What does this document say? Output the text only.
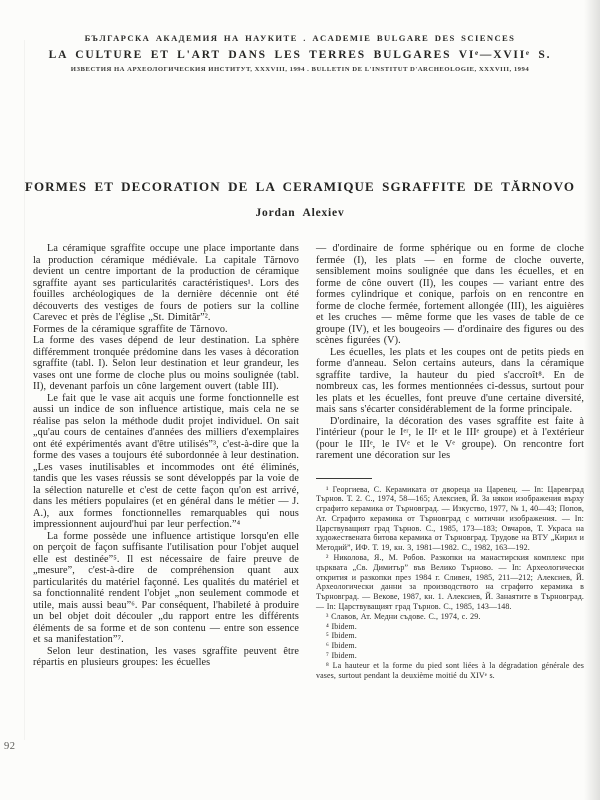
БЪЛГАРСКА АКАДЕМИЯ НА НАУКИТЕ . ACADEMIE BULGARE DES SCIENCES
LA CULTURE ET L'ART DANS LES TERRES BULGARES VIᵉ—XVIIᵉ S.
ИЗВЕСТИЯ НА АРХЕОЛОГИЧЕСКИЯ ИНСТИТУТ, XXXVIII, 1994 . BULLETIN DE L'INSTITUT D'ARCHEOLOGIE, XXXVIII, 1994
FORMES ET DECORATION DE LA CERAMIQUE SGRAFFITE DE TĂRNOVO
Jordan Alexiev

La céramique sgraffite occupe une place importante dans la production céramique médiévale. La capitale Tărnovo devient un centre important de la production de céramique sgraffite ayant ses particularités caractéristiques¹. Lors des fouilles archéologiques de la dernière décennie ont été découverts des vestiges de fours de potiers sur la colline Carevec et près de l'église „St. Dimităr”².

Formes de la céramique sgraffite de Tărnovo.

La forme des vases dépend de leur destination. La sphère différemment tronquée prédomine dans les vases à décoration sgraffite (tabl. I). Selon leur destination et leur grandeur, les vases ont une forme de cloche plus ou moins soulignée (tabl. II), devenant parfois un cône largement ouvert (table III).

Le fait que le vase ait acquis une forme fonctionnelle est aussi un indice de son influence artistique, mais cela ne se réalise pas selon la méthode dudit projet individuel. On sait „qu'au cours de centaines d'années des milliers d'exemplaires ont été expérimentés avant d'être utilisés”³, c'est-à-dire que la forme des vases a toujours été subordonnée à leur destination. „Les vases inutilisables et incommodes ont été éliminés, tandis que les vases réussis se sont développés par la voie de la sélection naturelle et c'est de cette façon qu'on est arrivé, dans les métiers populaires (et en général dans le métier — J. A.), aux formes fonctionnelles remarquables qui nous impressionnent aujourd'hui par leur perfection.”⁴

La forme possède une influence artistique lorsqu'en elle on perçoit de façon suffisante l'utilisation pour l'objet auquel elle est destinée”⁵. Il est nécessaire de faire preuve de „mesure”, c'est-à-dire de compréhension quant aux particularités du matériel façonné. Les qualités du matériel et sa fonctionnalité rendent l'objet „non seulement commode et utile, mais aussi beau”⁶. Par conséquent, l'habileté à produire un bel objet doit découler „du rapport entre les différents éléments de sa forme et de son contenu — entre son essence et sa manifestation”⁷.

Selon leur destination, les vases sgraffite peuvent être répartis en plusieurs groupes: les écuelles

— d'ordinaire de forme sphérique ou en forme de cloche fermée (I), les plats — en forme de cloche ouverte, sensiblement moins soulignée que dans les écuelles, et en forme de cône ouvert (II), les coupes — variant entre des formes cylindrique et conique, parfois on en rencontre en forme de cloche fermée, fortement allongée (III), les aiguières et les cruches — même forme que les vases de table de ce groupe (IV), et les bougeoirs — d'ordinaire des figures ou des scènes figurées (V).

Les écuelles, les plats et les coupes ont de petits pieds en forme d'anneau. Selon certains auteurs, dans la céramique sgraffite tardive, la hauteur du pied s'accroît⁸. En de nombreux cas, les formes mentionnées ci-dessus, surtout pour les plats et les écuelles, font preuve d'une certaine diversité, mais sans s'écarter considérablement de la forme principale.

D'ordinaire, la décoration des vases sgraffite est faite à l'intérieur (pour le Iᵉʳ, le IIᵉ et le IIIᵉ groupe) et à l'extérieur (pour le IIIᵉ, le IVᵉ et le Vᵉ groupe). On rencontre fort rarement une décoration sur les

¹ Георгиева, С. Керамиката от двореца на Царевец. — In: Царевград Търнов. Т. 2. С., 1974, 58—165; Алексиев, Й. За някои изображения върху сграфито керамика от Търновград. — Изкуство, 1977, № 1, 40—43; Попов, Ат. Сграфито керамика от Търновград с митични изображения. — In: Царствуващият град Търнов. С., 1985, 173—183; Овчаров, Т. Украса на художествената битова керамика от Търновград. Трудове на ВТУ „Кирил и Методий”, ИФ. Т. 19, кн. 3, 1981—1982. С., 1982, 163—192.

² Николова, Я., М. Робов. Разкопки на манастирския комплекс при църквата „Св. Димитър” във Велико Търново. — In: Археологически открития и разкопки през 1984 г. Сливен, 1985, 211—212; Алексиев, Й. Археологически данни за производството на сграфито керамика в Търновград. — Векове, 1987, кн. 1. Алексиев, Й. Занаятите в Търновград. — In: Царствуващият град Търнов. С., 1985, 143—148.

³ Славов, Ат. Медни съдове. С., 1974, с. 29.

⁴ Ibidem.

⁵ Ibidem.

⁶ Ibidem.

⁷ Ibidem.

⁸ La hauteur et la forme du pied sont liées à la dégradation générale des vases, surtout pendant la deuxième moitié du XIVᵉ s.

92
